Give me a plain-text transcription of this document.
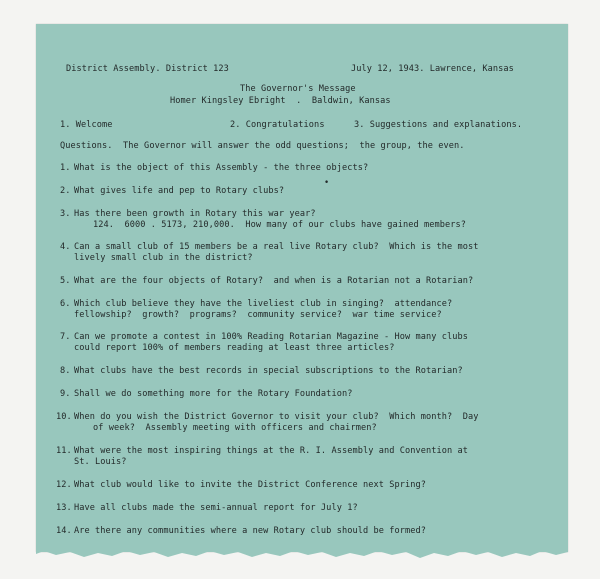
District Assembly. District 123	July 12, 1943. Lawrence, Kansas
The Governor's Message
Homer Kingsley Ebright  .  Baldwin, Kansas
1. Welcome	2. Congratulations	3. Suggestions and explanations.
Questions.  The Governor will answer the odd questions;  the group, the even.
1. What is the object of this Assembly - the three objects?
2. What gives life and pep to Rotary clubs?
•
3. Has there been growth in Rotary this war year?
124.  6000 . 5173, 210,000.  How many of our clubs have gained members?
4. Can a small club of 15 members be a real live Rotary club?  Which is the most
lively small club in the district?
5. What are the four objects of Rotary?  and when is a Rotarian not a Rotarian?
6. Which club believe they have the liveliest club in singing?  attendance?
fellowship?  growth?  programs?  community service?  war time service?
7. Can we promote a contest in 100% Reading Rotarian Magazine - How many clubs
could report 100% of members reading at least three articles?
8. What clubs have the best records in special subscriptions to the Rotarian?
9. Shall we do something more for the Rotary Foundation?
10. When do you wish the District Governor to visit your club?  Which month?  Day
of week?  Assembly meeting with officers and chairmen?
11. What were the most inspiring things at the R. I. Assembly and Convention at
St. Louis?
12. What club would like to invite the District Conference next Spring?
13. Have all clubs made the semi-annual report for July 1?
14. Are there any communities where a new Rotary club should be formed?
